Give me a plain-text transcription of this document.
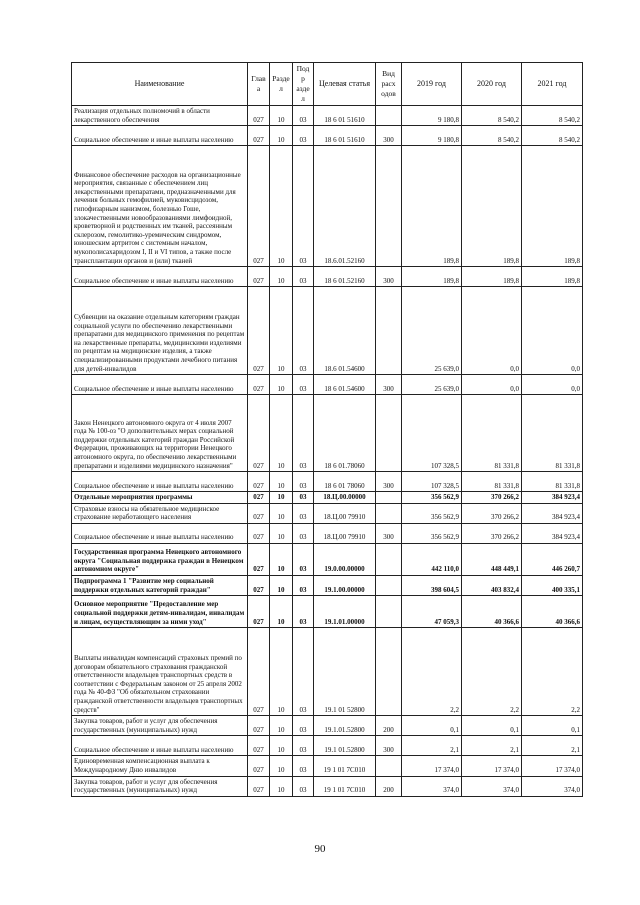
Наименование	Глав а	Разде л	Подр аздел	Целевая статья	Вид расх одов	2019 год	2020 год	2021 год
Реализация отдельных полномочий в области лекарственного обеспечения	027	10	03	18 6 01 51610		9 180,8	8 540,2	8 540,2
Социальное обеспечение и иные выплаты населению	027	10	03	18 6 01 51610	300	9 180,8	8 540,2	8 540,2
Финансовое обеспечение расходов на организационные мероприятия, связанные с обеспечением лиц лекарственными препаратами, предназначенными для лечения больных гемофилией, муковисцидозом, гипофизарным нанизмом, болезнью Гоше, злокачественными новообразованиями лимфоидной, кроветворной и родственных им тканей, рассеянным склерозом, гемолитико-уремическим синдромом, юношеским артритом с системным началом, мукополисахаридозом I, II и VI типов, а также после трансплантации органов и (или) тканей	027	10	03	18.6.01.52160		189,8	189,8	189,8
Социальное обеспечение и иные выплаты населению	027	10	03	18 6 01.52160	300	189,8	189,8	189,8
Субвенции на оказание отдельным категориям граждан социальной услуги по обеспечению лекарственными препаратами для медицинского применения по рецептам на лекарственные препараты, медицинскими изделиями по рецептам на медицинские изделия, а также специализированными продуктами лечебного питания для детей-инвалидов	027	10	03	18.6 01.54600		25 639,0	0,0	0,0
Социальное обеспечение и иные выплаты населению	027	10	03	18 6 01.54600	300	25 639,0	0,0	0,0
Закон Ненецкого автономного округа от 4 июля 2007 года № 100-оз "О дополнительных мерах социальной поддержки отдельных категорий граждан Российской Федерации, проживающих на территории Ненецкого автономного округа, по обеспечению лекарственными препаратами и изделиями медицинского назначения"	027	10	03	18 6 01.78060		107 328,5	81 331,8	81 331,8
Социальное обеспечение и иные выплаты населению	027	10	03	18 6 01 78060	300	107 328,5	81 331,8	81 331,8
Отдельные мероприятия программы	027	10	03	18.Ц.00.00000		356 562,9	370 266,2	384 923,4
Страховые взносы на обязательное медицинское страхование неработающего населения	027	10	03	18.Ц.00 79910		356 562,9	370 266,2	384 923,4
Социальное обеспечение и иные выплаты населению	027	10	03	18.Ц.00 79910	300	356 562,9	370 266,2	384 923,4
Государственная программа Ненецкого автономного округа "Социальная поддержка граждан в Ненецком автономном округе"	027	10	03	19.0.00.00000		442 110,0	448 449,1	446 260,7
Подпрограмма 1 "Развитие мер социальной поддержки отдельных категорий граждан"	027	10	03	19.1.00.00000		398 604,5	403 832,4	400 335,1
Основное мероприятие "Предоставление мер социальной поддержки детям-инвалидам, инвалидам и лицам, осуществляющим за ними уход"	027	10	03	19.1.01.00000		47 059,3	40 366,6	40 366,6
Выплаты инвалидам компенсаций страховых премий по договорам обязательного страхования гражданской ответственности владельцев транспортных средств в соответствии с Федеральным законом от 25 апреля 2002 года № 40-ФЗ "Об обязательном страховании гражданской ответственности владельцев транспортных средств"	027	10	03	19.1 01 52800		2,2	2,2	2,2
Закупка товаров, работ и услуг для обеспечения государственных (муниципальных) нужд	027	10	03	19.1.01.52800	200	0,1	0,1	0,1
Социальное обеспечение и иные выплаты населению	027	10	03	19.1 01.52800	300	2,1	2,1	2,1
Единовременная компенсационная выплата к Международному Дню инвалидов	027	10	03	19 1 01 7С010		17 374,0	17 374,0	17 374,0
Закупка товаров, работ и услуг для обеспечения государственных (муниципальных) нужд	027	10	03	19 1 01 7С010	200	374,0	374,0	374,0
90
